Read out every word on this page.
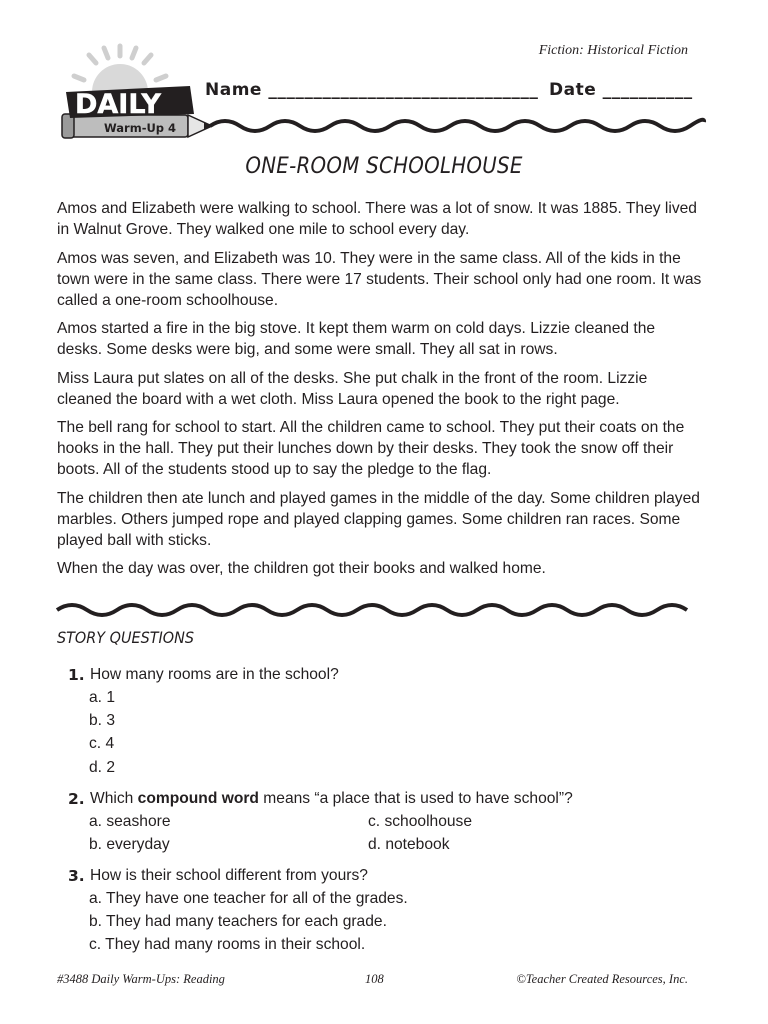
Fiction: Historical Fiction
DAILY
Warm-Up 4
Name ______________________________ Date __________
ONE-ROOM SCHOOLHOUSE

Amos and Elizabeth were walking to school. There was a lot of snow. It was 1885. They lived in Walnut Grove. They walked one mile to school every day.

Amos was seven, and Elizabeth was 10. They were in the same class. All of the kids in the town were in the same class. There were 17 students. Their school only had one room. It was called a one-room schoolhouse.

Amos started a fire in the big stove. It kept them warm on cold days. Lizzie cleaned the desks. Some desks were big, and some were small. They all sat in rows.

Miss Laura put slates on all of the desks. She put chalk in the front of the room. Lizzie cleaned the board with a wet cloth. Miss Laura opened the book to the right page.

The bell rang for school to start. All the children came to school. They put their coats on the hooks in the hall. They put their lunches down by their desks. They took the snow off their boots. All of the students stood up to say the pledge to the flag.

The children then ate lunch and played games in the middle of the day. Some children played marbles. Others jumped rope and played clapping games. Some children ran races. Some played ball with sticks.

When the day was over, the children got their books and walked home.

STORY QUESTIONS
1. How many rooms are in the school?
a. 1
b. 3
c. 4
d. 2
2. Which compound word means “a place that is used to have school”?
a. seashore	c. schoolhouse
b. everyday	d. notebook
3. How is their school different from yours?
a. They have one teacher for all of the grades.
b. They had many teachers for each grade.
c. They had many rooms in their school.
#3488 Daily Warm-Ups: Reading	108	©Teacher Created Resources, Inc.
